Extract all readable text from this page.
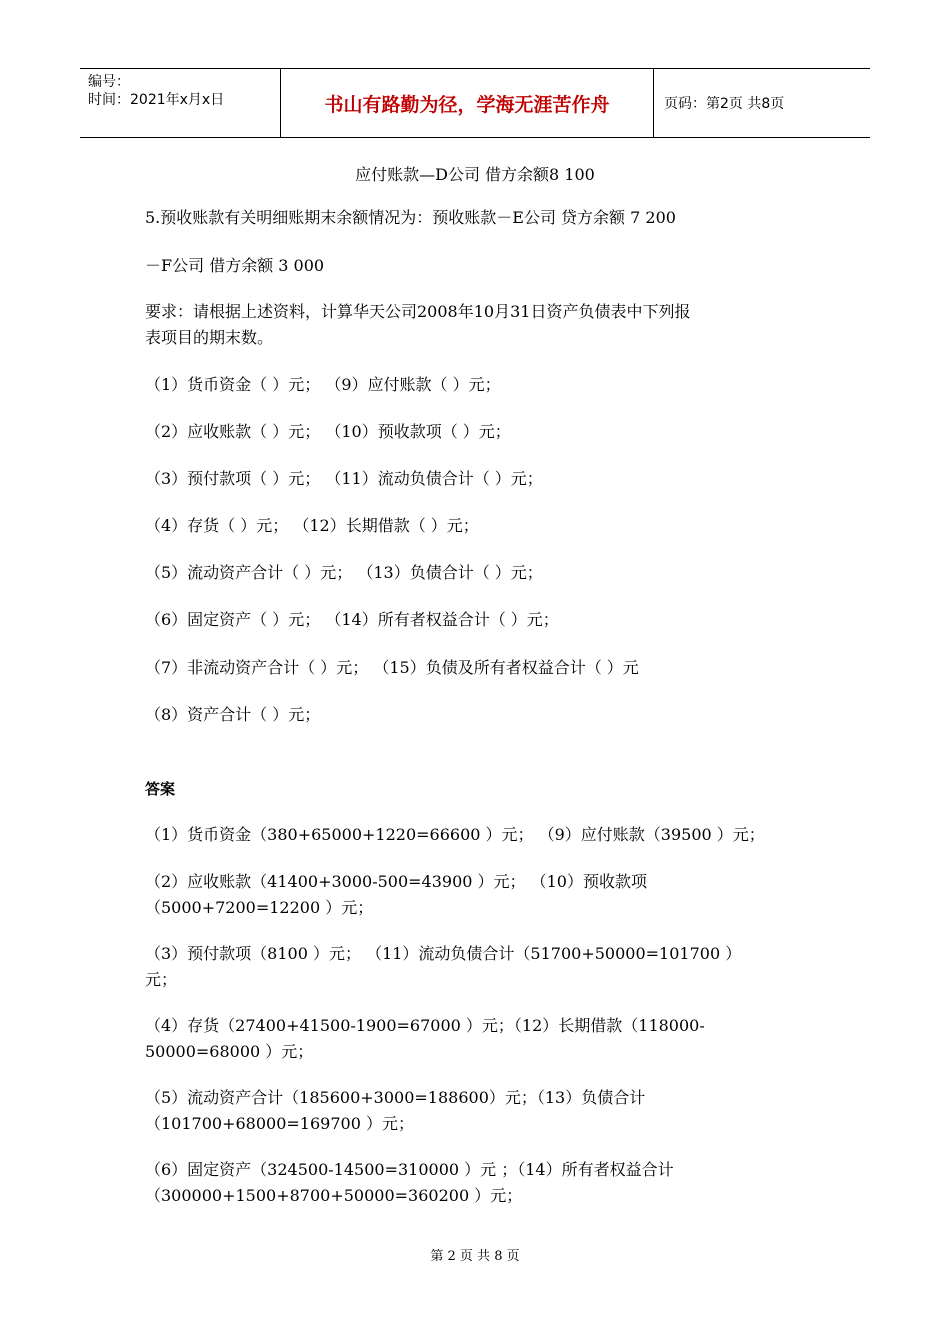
编号：
时间：2021年x月x日	书山有路勤为径，学海无涯苦作舟	页码：第2页 共8页
应付账款—D公司 借方余额8 100
5.预收账款有关明细账期末余额情况为：预收账款－E公司 贷方余额 7 200
－F公司 借方余额 3 000
要求：请根据上述资料，计算华天公司2008年10月31日资产负债表中下列报
表项目的期末数。
（1）货币资金（ ）元； （9）应付账款（ ）元；
（2）应收账款（ ）元； （10）预收款项（ ）元；
（3）预付款项（ ）元； （11）流动负债合计（ ）元；
（4）存货（ ）元； （12）长期借款（ ）元；
（5）流动资产合计（ ）元； （13）负债合计（ ）元；
（6）固定资产（ ）元； （14）所有者权益合计（ ）元；
（7）非流动资产合计（ ）元； （15）负债及所有者权益合计（ ）元
（8）资产合计（ ）元；
答案
（1）货币资金（380+65000+1220=66600 ）元； （9）应付账款（39500 ）元；
（2）应收账款（41400+3000-500=43900 ）元； （10）预收款项
（5000+7200=12200 ）元；
（3）预付款项（8100 ）元； （11）流动负债合计（51700+50000=101700 ）
元；
（4）存货（27400+41500-1900=67000 ）元；（12）长期借款（118000-
50000=68000 ）元；
（5）流动资产合计（185600+3000=188600）元；（13）负债合计
（101700+68000=169700 ）元；
（6）固定资产（324500-14500=310000 ）元 ；（14）所有者权益合计
（300000+1500+8700+50000=360200 ）元；
第 2 页 共 8 页
